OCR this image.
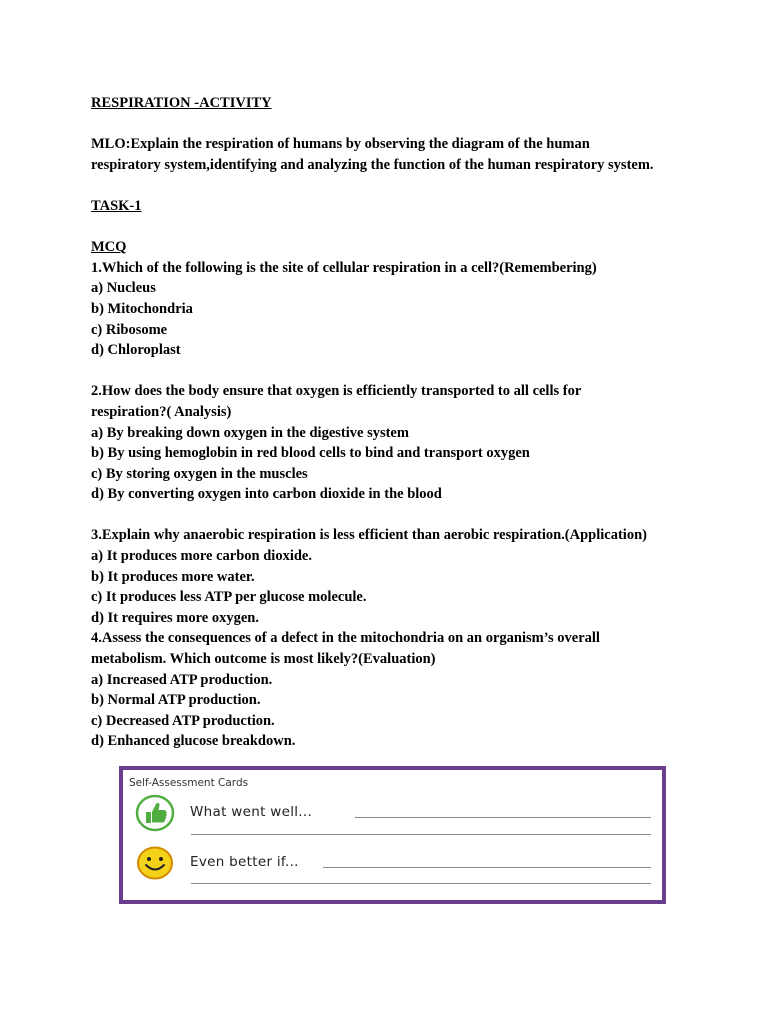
RESPIRATION -ACTIVITY

MLO:Explain the respiration of humans by observing the diagram of the human

respiratory system,identifying and analyzing the function of the human respiratory system.

TASK-1

MCQ

1.Which of the following is the site of cellular respiration in a cell?(Remembering)

a) Nucleus

b) Mitochondria

c) Ribosome

d) Chloroplast

2.How does the body ensure that oxygen is efficiently transported to all cells for

respiration?( Analysis)

a) By breaking down oxygen in the digestive system

b) By using hemoglobin in red blood cells to bind and transport oxygen

c) By storing oxygen in the muscles

d) By converting oxygen into carbon dioxide in the blood

3.Explain why anaerobic respiration is less efficient than aerobic respiration.(Application)

a) It produces more carbon dioxide.

b) It produces more water.

c) It produces less ATP per glucose molecule.

d) It requires more oxygen.

4.Assess the consequences of a defect in the mitochondria on an organism’s overall

metabolism. Which outcome is most likely?(Evaluation)

a) Increased ATP production.

b) Normal ATP production.

c) Decreased ATP production.

d) Enhanced glucose breakdown.

Self-Assessment Cards
What went well...
Even better if...
